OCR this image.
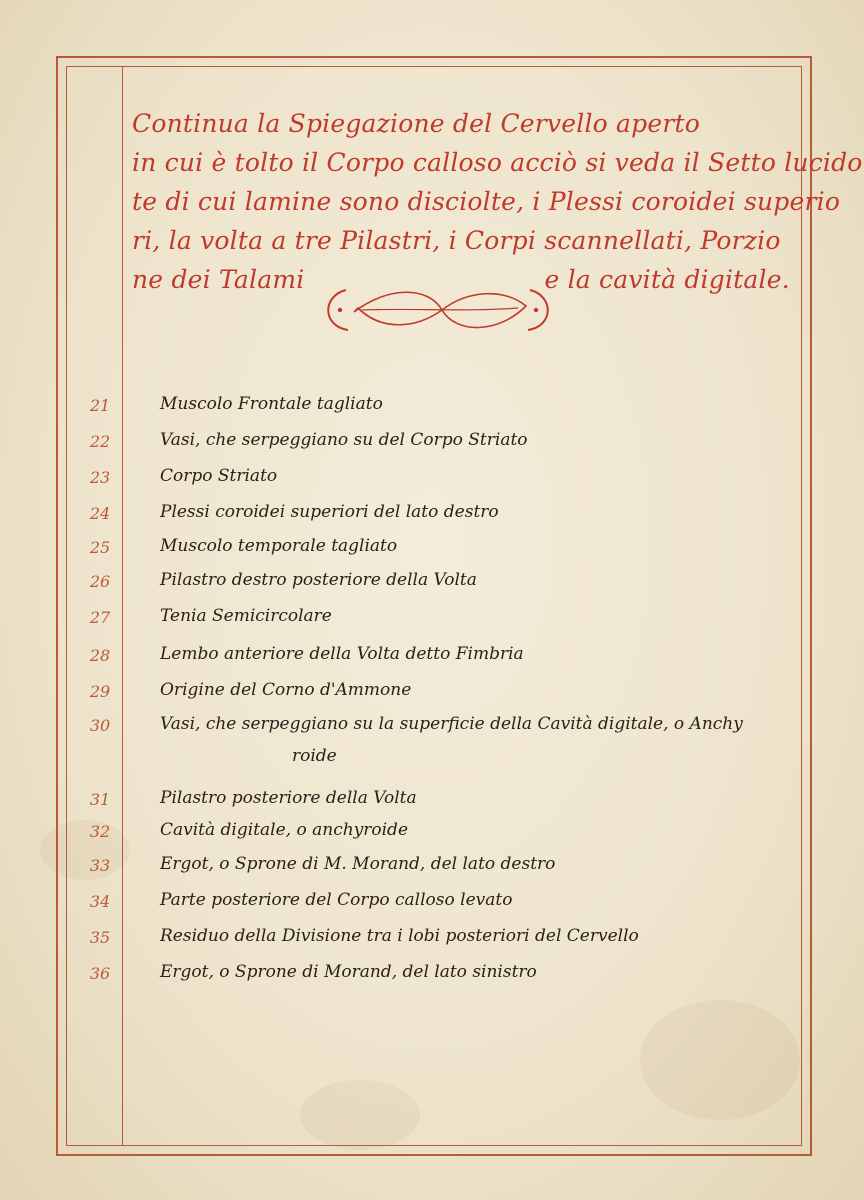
Continua la Spiegazione del Cervello aperto
in cui è tolto il Corpo calloso acciò si veda il Setto lucido
te di cui lamine sono disciolte, i Plessi coroidei superio
ri, la volta a tre Pilastri, i Corpi scannellati, Porzio
ne dei Talami	e la cavità digitale.
21	Muscolo Frontale tagliato
22	Vasi, che serpeggiano su del Corpo Striato
23	Corpo Striato
24	Plessi coroidei superiori del lato destro
25	Muscolo temporale tagliato
26	Pilastro destro posteriore della Volta
27	Tenia Semicircolare
28	Lembo anteriore della Volta detto Fimbria
29	Origine del Corno d'Ammone
30	Vasi, che serpeggiano su la superficie della Cavità digitale, o Anchy
roide
31	Pilastro posteriore della Volta
32	Cavità digitale, o anchyroide
33	Ergot, o Sprone di M. Morand, del lato destro
34	Parte posteriore del Corpo calloso levato
35	Residuo della Divisione tra i lobi posteriori del Cervello
36	Ergot, o Sprone di Morand, del lato sinistro
